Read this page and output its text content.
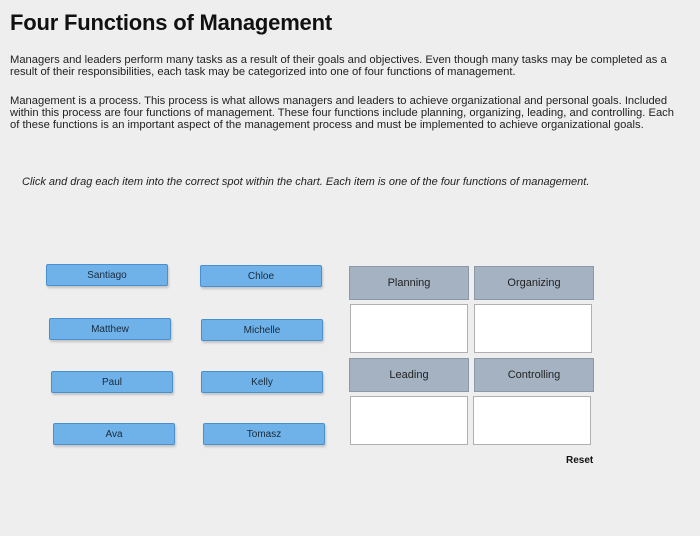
Four Functions of Management
Managers and leaders perform many tasks as a result of their goals and objectives. Even though many tasks may be completed as a result of their responsibilities, each task may be categorized into one of four functions of management.
Management is a process. This process is what allows managers and leaders to achieve organizational and personal goals. Included within this process are four functions of management. These four functions include planning, organizing, leading, and controlling. Each of these functions is an important aspect of the management process and must be implemented to achieve organizational goals.
Click and drag each item into the correct spot within the chart. Each item is one of the four functions of management.
Santiago	Chloe
Matthew	Michelle
Paul	Kelly
Ava	Tomasz
Planning	Organizing
Leading	Controlling
Reset
